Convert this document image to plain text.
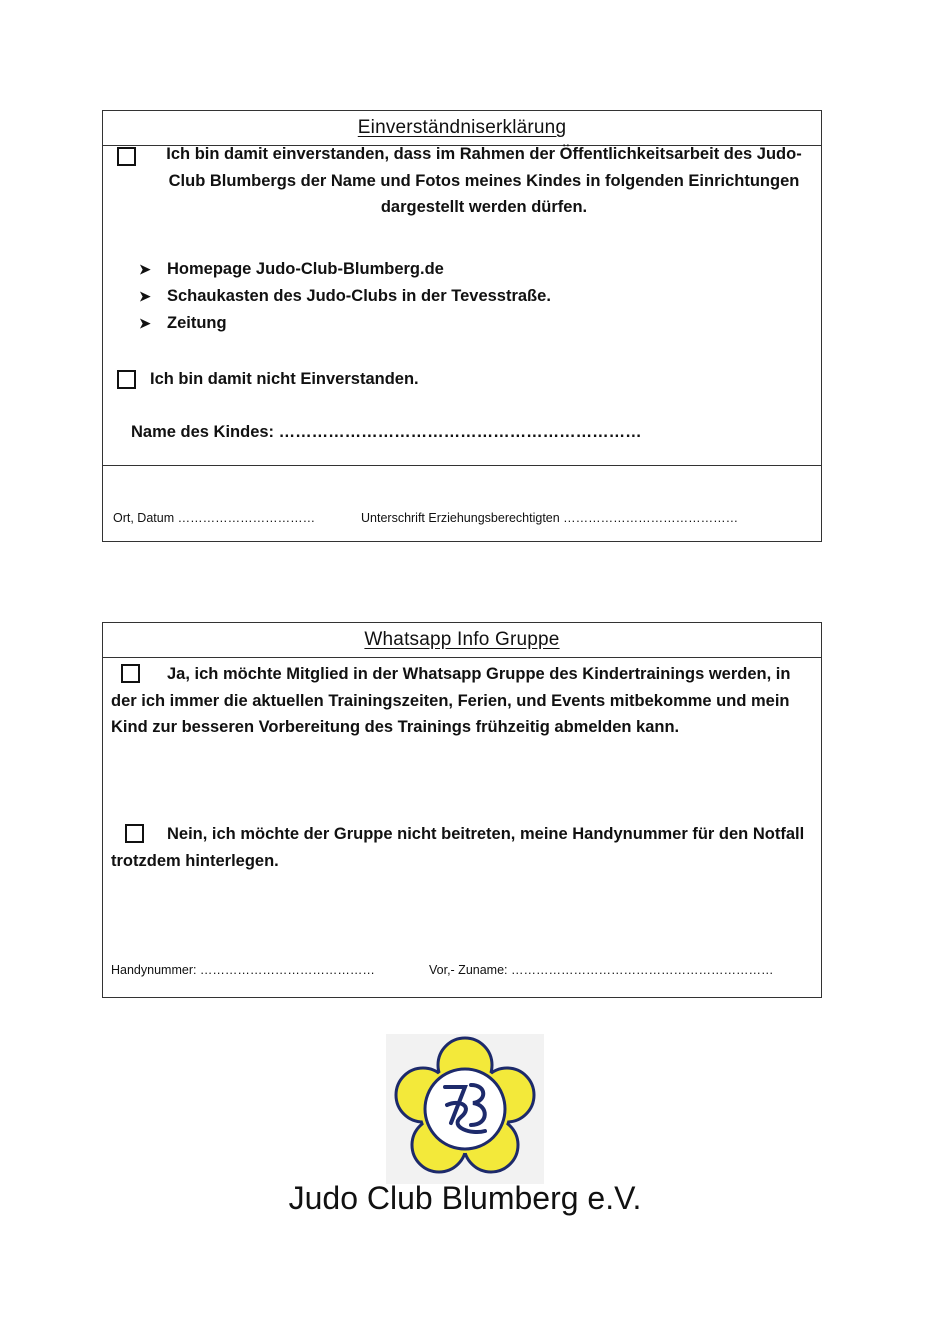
Einverständniserklärung
Ich bin damit einverstanden, dass im Rahmen der Öffentlichkeitsarbeit des Judo-Club Blumbergs der Name und Fotos meines Kindes in folgenden Einrichtungen dargestellt werden dürfen.
➤ Homepage Judo-Club-Blumberg.de
➤ Schaukasten des Judo-Clubs in der Tevesstraße.
➤ Zeitung
Ich bin damit nicht Einverstanden.
Name des Kindes: …………………………………………………………
Ort, Datum ……………………………	Unterschrift Erziehungsberechtigten ……………………………………
Whatsapp Info Gruppe
Ja, ich möchte Mitglied in der Whatsapp Gruppe des Kindertrainings werden, in der ich immer die aktuellen Trainingszeiten, Ferien, und Events mitbekomme und mein Kind zur besseren Vorbereitung des Trainings frühzeitig abmelden kann.
Nein, ich möchte der Gruppe nicht beitreten, meine Handynummer für den Notfall trotzdem hinterlegen.
Handynummer: ……………………………………	Vor,- Zuname: ………………………………………………………
Judo Club Blumberg e.V.
